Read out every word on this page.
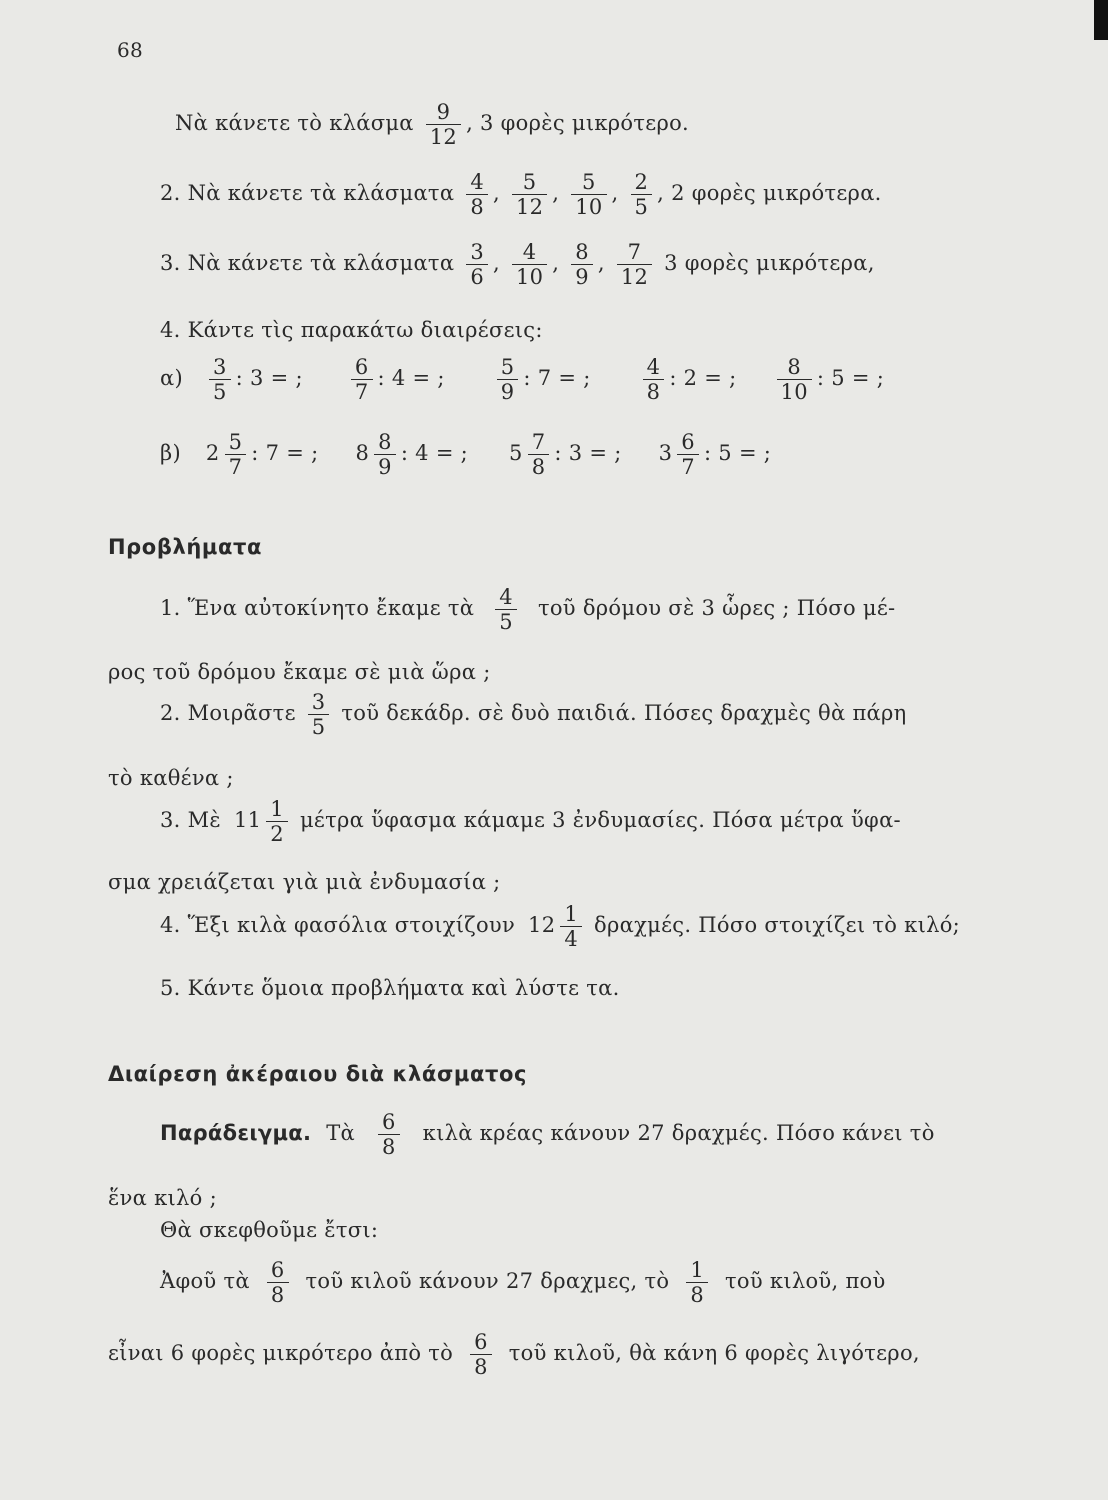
68
Νὰ κάνετε τὸ κλάσμα $\frac{9}{12}$ , 3 φορὲς μικρότερο.
2. Νὰ κάνετε τὰ κλάσματα $\frac{4}{8}$ , $\frac{5}{12}$ , $\frac{5}{10}$ , $\frac{2}{5}$ , 2 φορὲς μικρότερα.
3. Νὰ κάνετε τὰ κλάσματα $\frac{3}{6}$ , $\frac{4}{10}$ , $\frac{8}{9}$ , $\frac{7}{12} 3$ φορὲς μικρότερα,
4. Κάντε τὶς παρακάτω διαιρέσεις:
$\alpha) \frac{3}{5}$ : 3 = ; $\frac{6}{7}$ : 4 = ; $\frac{5}{9}$ : 7 = ; $\frac{4}{8}$ : 2 = ; $\frac{8}{10}$ : 5 = ;
β) $2 \frac{5}{7}$ : 7 = ; $8 \frac{8}{9}$ : 4 = ; $5 \frac{7}{8}$ : 3 = ; $3 \frac{6}{7}$ : 5 = ;
Προβλήματα
1. Ἕνα αὐτοκίνητο ἔκαμε τὰ $\frac{4}{5}$ τοῦ δρόμου σὲ 3 ὧρες ; Πόσο μέ-
ρος τοῦ δρόμου ἔκαμε σὲ μιὰ ὥρα ;
2. Μοιρᾶστε $\frac{3}{5}$ τοῦ δεκάδρ. σὲ δυὸ παιδιά. Πόσες δραχμὲς θὰ πάρη
τὸ καθένα ;
3. Μὲ $11 \frac{1}{2}$ μέτρα ὕφασμα κάμαμε 3 ἐνδυμασίες. Πόσα μέτρα ὕφα-
σμα χρειάζεται γιὰ μιὰ ἐνδυμασία ;
4. Ἕξι κιλὰ φασόλια στοιχίζουν $12 \frac{1}{4} \delta\rho\alpha\chi\mu έ\varsigma$. Πόσο στοιχίζει τὸ κιλό;
5. Κάντε ὅμοια προβλήματα καὶ λύστε τα.
Διαίρεση ἀκέραιου διὰ κλάσματος
Παράδειγμα. Τὰ $\frac{6}{8}$ κιλὰ κρέας κάνουν 27 δραχμές. Πόσο κάνει τὸ
ἕνα κιλό ;
Θὰ σκεφθοῦμε ἔτσι:
Ἀφοῦ τὰ $\frac{6}{8}$ τοῦ κιλοῦ κάνουν 27 δραχμες, τὸ $\frac{1}{8}$ τοῦ κιλοῦ, ποὺ
εἶναι 6 φορὲς μικρότερο ἀπὸ τὸ $\frac{6}{8}$ τοῦ κιλοῦ, θὰ κάνη 6 φορὲς λιγότερο,
